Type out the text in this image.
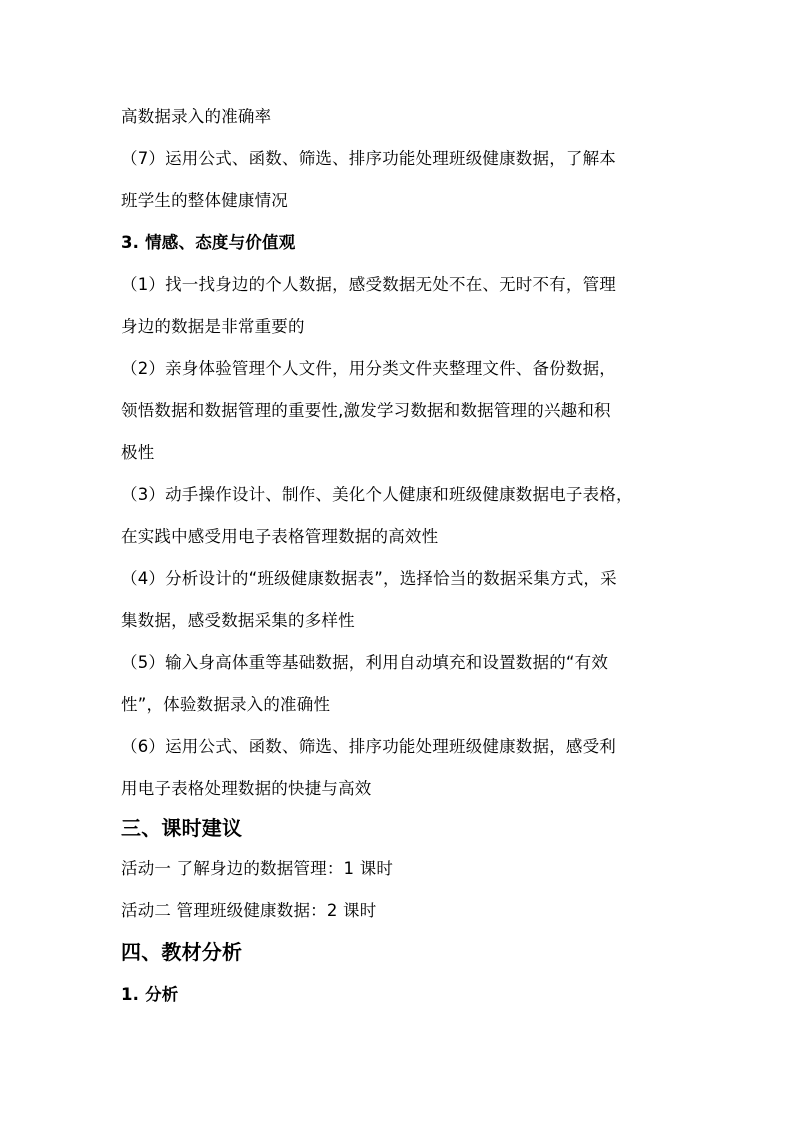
高数据录入的准确率
（7）运用公式、函数、筛选、排序功能处理班级健康数据，了解本
班学生的整体健康情况
3. 情感、态度与价值观
（1）找一找身边的个人数据，感受数据无处不在、无时不有，管理
身边的数据是非常重要的
（2）亲身体验管理个人文件，用分类文件夹整理文件、备份数据，
领悟数据和数据管理的重要性,激发学习数据和数据管理的兴趣和积
极性
（3）动手操作设计、制作、美化个人健康和班级健康数据电子表格，
在实践中感受用电子表格管理数据的高效性
（4）分析设计的“班级健康数据表”，选择恰当的数据采集方式，采
集数据，感受数据采集的多样性
（5）输入身高体重等基础数据，利用自动填充和设置数据的“有效
性”，体验数据录入的准确性
（6）运用公式、函数、筛选、排序功能处理班级健康数据，感受利
用电子表格处理数据的快捷与高效
三、课时建议
活动一 了解身边的数据管理：1 课时
活动二 管理班级健康数据：2 课时
四、教材分析
1. 分析
